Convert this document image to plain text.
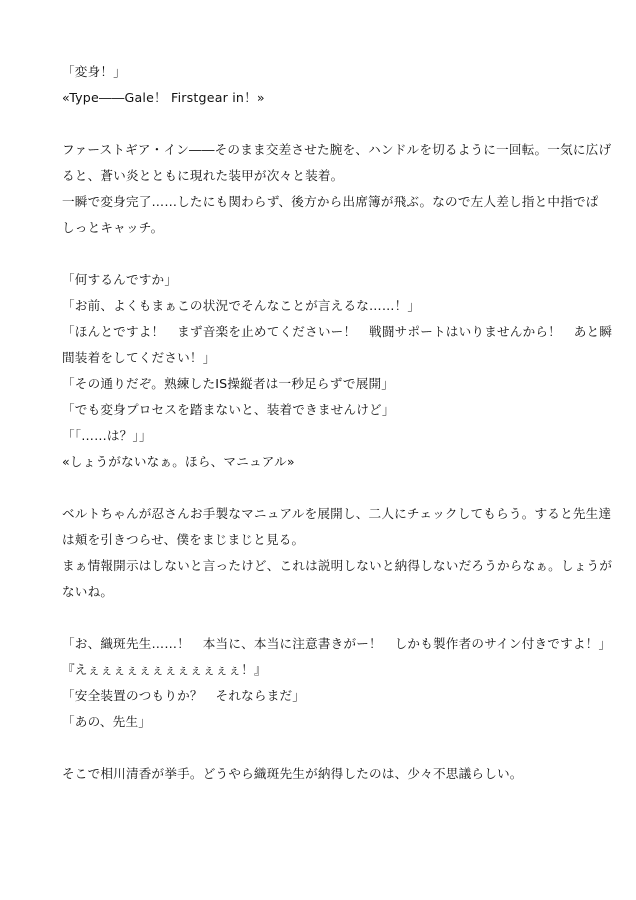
「変身！」
«Type――Gale！ Firstgear in！»
ファーストギア・イン――そのまま交差させた腕を、ハンドルを切るように一回転。一気に広げ
ると、蒼い炎とともに現れた装甲が次々と装着。
一瞬で変身完了……したにも関わらず、後方から出席簿が飛ぶ。なので左人差し指と中指でぱ
しっとキャッチ。
「何するんですか」
「お前、よくもまぁこの状況でそんなことが言えるな……！」
「ほんとですよ！　まず音楽を止めてくださいー！　戦闘サポートはいりませんから！　あと瞬
間装着をしてください！」
「その通りだぞ。熟練したIS操縦者は一秒足らずで展開」
「でも変身プロセスを踏まないと、装着できませんけど」
「「……は？」」
«しょうがないなぁ。ほら、マニュアル»
ベルトちゃんが忍さんお手製なマニュアルを展開し、二人にチェックしてもらう。すると先生達
は頬を引きつらせ、僕をまじまじと見る。
まぁ情報開示はしないと言ったけど、これは説明しないと納得しないだろうからなぁ。しょうが
ないね。
「お、織斑先生……！　本当に、本当に注意書きがー！　しかも製作者のサイン付きですよ！」
『えぇぇぇぇぇぇぇぇぇぇぇぇ！』
「安全装置のつもりか？　それならまだ」
「あの、先生」
そこで相川清香が挙手。どうやら織斑先生が納得したのは、少々不思議らしい。
